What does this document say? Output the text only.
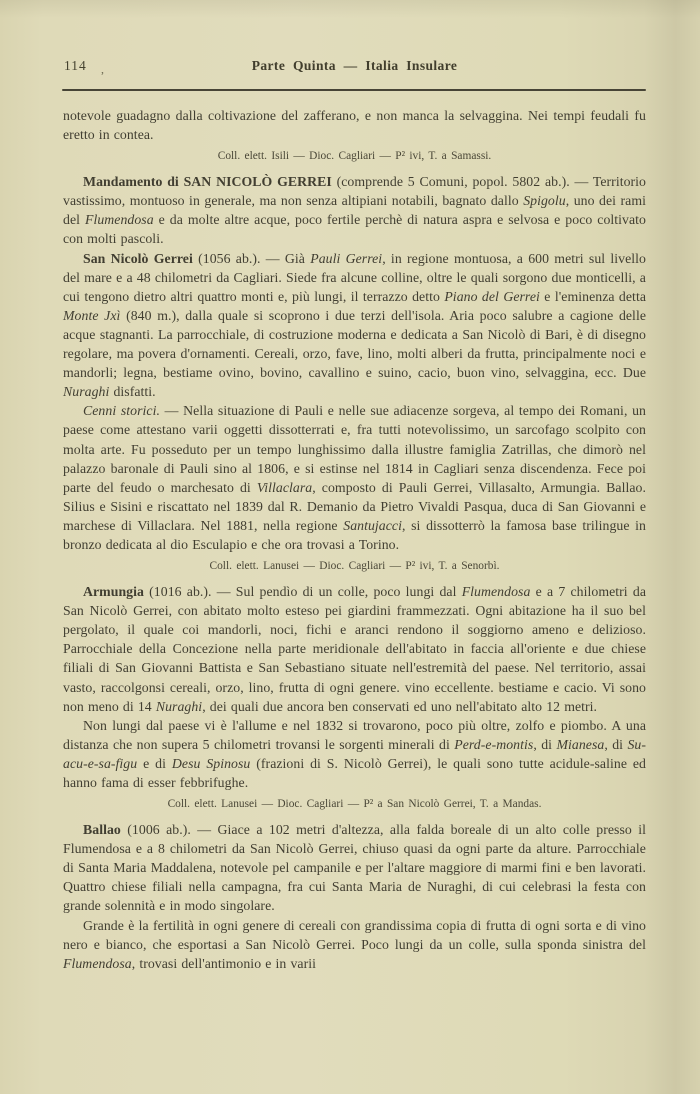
114 ,	Parte Quinta — Italia Insulare

notevole guadagno dalla coltivazione del zafferano, e non manca la selvaggina. Nei tempi feudali fu eretto in contea.

Coll. elett. Isili — Dioc. Cagliari — P² ivi, T. a Samassi.

Mandamento di SAN NICOLÒ GERREI (comprende 5 Comuni, popol. 5802 ab.). — Territorio vastissimo, montuoso in generale, ma non senza altipiani notabili, bagnato dallo Spigolu, uno dei rami del Flumendosa e da molte altre acque, poco fertile perchè di natura aspra e selvosa e poco coltivato con molti pascoli.

San Nicolò Gerrei (1056 ab.). — Già Pauli Gerrei, in regione montuosa, a 600 metri sul livello del mare e a 48 chilometri da Cagliari. Siede fra alcune colline, oltre le quali sorgono due monticelli, a cui tengono dietro altri quattro monti e, più lungi, il terrazzo detto Piano del Gerrei e l'eminenza detta Monte Jxì (840 m.), dalla quale si scoprono i due terzi dell'isola. Aria poco salubre a cagione delle acque stagnanti. La parrocchiale, di costruzione moderna e dedicata a San Nicolò di Bari, è di disegno regolare, ma povera d'ornamenti. Cereali, orzo, fave, lino, molti alberi da frutta, principalmente noci e mandorli; legna, bestiame ovino, bovino, cavallino e suino, cacio, buon vino, selvaggina, ecc. Due Nuraghi disfatti.

Cenni storici. — Nella situazione di Pauli e nelle sue adiacenze sorgeva, al tempo dei Romani, un paese come attestano varii oggetti dissotterrati e, fra tutti notevolissimo, un sarcofago scolpito con molta arte. Fu posseduto per un tempo lunghissimo dalla illustre famiglia Zatrillas, che dimorò nel palazzo baronale di Pauli sino al 1806, e si estinse nel 1814 in Cagliari senza discendenza. Fece poi parte del feudo o marchesato di Villaclara, composto di Pauli Gerrei, Villasalto, Armungia. Ballao. Silius e Sisini e riscattato nel 1839 dal R. Demanio da Pietro Vivaldi Pasqua, duca di San Giovanni e marchese di Villaclara. Nel 1881, nella regione Santujacci, si dissotterrò la famosa base trilingue in bronzo dedicata al dio Esculapio e che ora trovasi a Torino.

Coll. elett. Lanusei — Dioc. Cagliari — P² ivi, T. a Senorbì.

Armungia (1016 ab.). — Sul pendìo di un colle, poco lungi dal Flumendosa e a 7 chilometri da San Nicolò Gerrei, con abitato molto esteso pei giardini frammezzati. Ogni abitazione ha il suo bel pergolato, il quale coi mandorli, noci, fichi e aranci rendono il soggiorno ameno e delizioso. Parrocchiale della Concezione nella parte meridionale dell'abitato in faccia all'oriente e due chiese filiali di San Giovanni Battista e San Sebastiano situate nell'estremità del paese. Nel territorio, assai vasto, raccolgonsi cereali, orzo, lino, frutta di ogni genere. vino eccellente. bestiame e cacio. Vi sono non meno di 14 Nuraghi, dei quali due ancora ben conservati ed uno nell'abitato alto 12 metri.

Non lungi dal paese vi è l'allume e nel 1832 si trovarono, poco più oltre, zolfo e piombo. A una distanza che non supera 5 chilometri trovansi le sorgenti minerali di Perd-e-montis, di Mianesa, di Su-acu-e-sa-figu e di Desu Spinosu (frazioni di S. Nicolò Gerrei), le quali sono tutte acidule-saline ed hanno fama di esser febbrifughe.

Coll. elett. Lanusei — Dioc. Cagliari — P² a San Nicolò Gerrei, T. a Mandas.

Ballao (1006 ab.). — Giace a 102 metri d'altezza, alla falda boreale di un alto colle presso il Flumendosa e a 8 chilometri da San Nicolò Gerrei, chiuso quasi da ogni parte da alture. Parrocchiale di Santa Maria Maddalena, notevole pel campanile e per l'altare maggiore di marmi fini e ben lavorati. Quattro chiese filiali nella campagna, fra cui Santa Maria de Nuraghi, di cui celebrasi la festa con grande solennità e in modo singolare.

Grande è la fertilità in ogni genere di cereali con grandissima copia di frutta di ogni sorta e di vino nero e bianco, che esportasi a San Nicolò Gerrei. Poco lungi da un colle, sulla sponda sinistra del Flumendosa, trovasi dell'antimonio e in varii
